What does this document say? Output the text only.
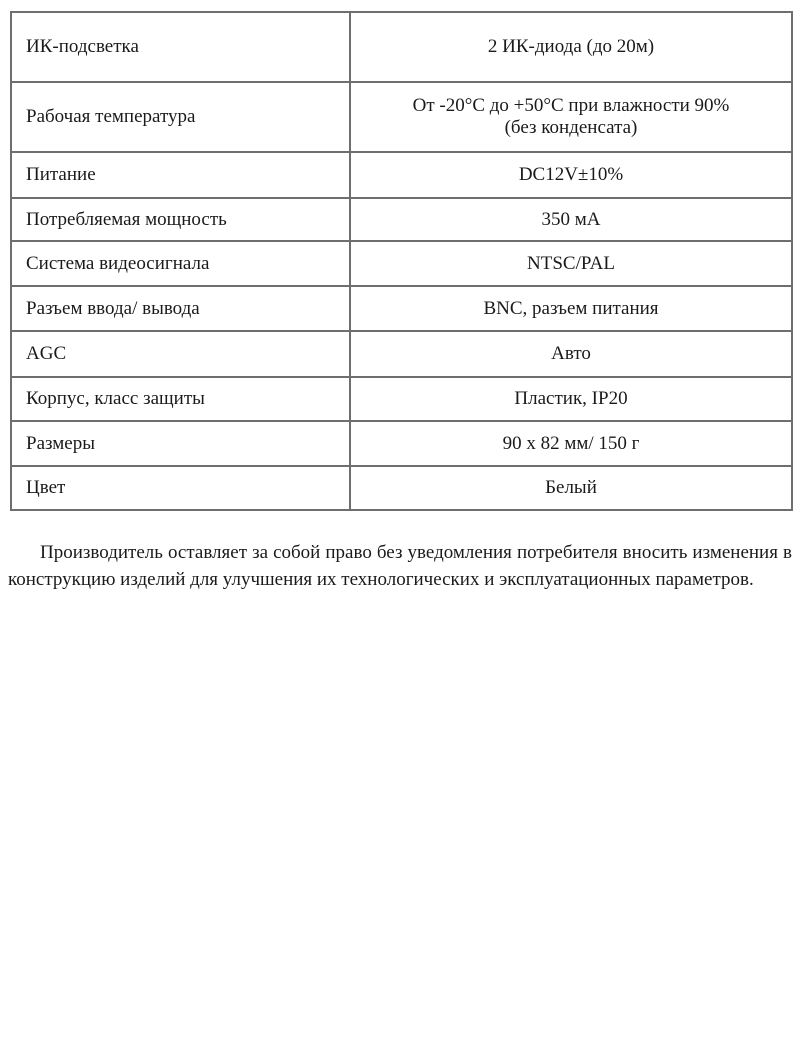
ИК-подсветка	2 ИК-диода (до 20м)
Рабочая температура	От -20°C до +50°C при влажности 90%
(без конденсата)

Питание	DC12V±10%
Потребляемая мощность	350 мА
Система видеосигнала	NTSC/PAL
Разъем ввода/ вывода	BNC, разъем питания
AGC	Авто
Корпус, класс защиты	Пластик, IP20
Размеры	90 х 82 мм/ 150 г
Цвет	Белый

Производитель оставляет за собой право без уведомления потребителя вносить изменения в конструкцию изделий для улучшения их технологических и эксплуатационных параметров.
